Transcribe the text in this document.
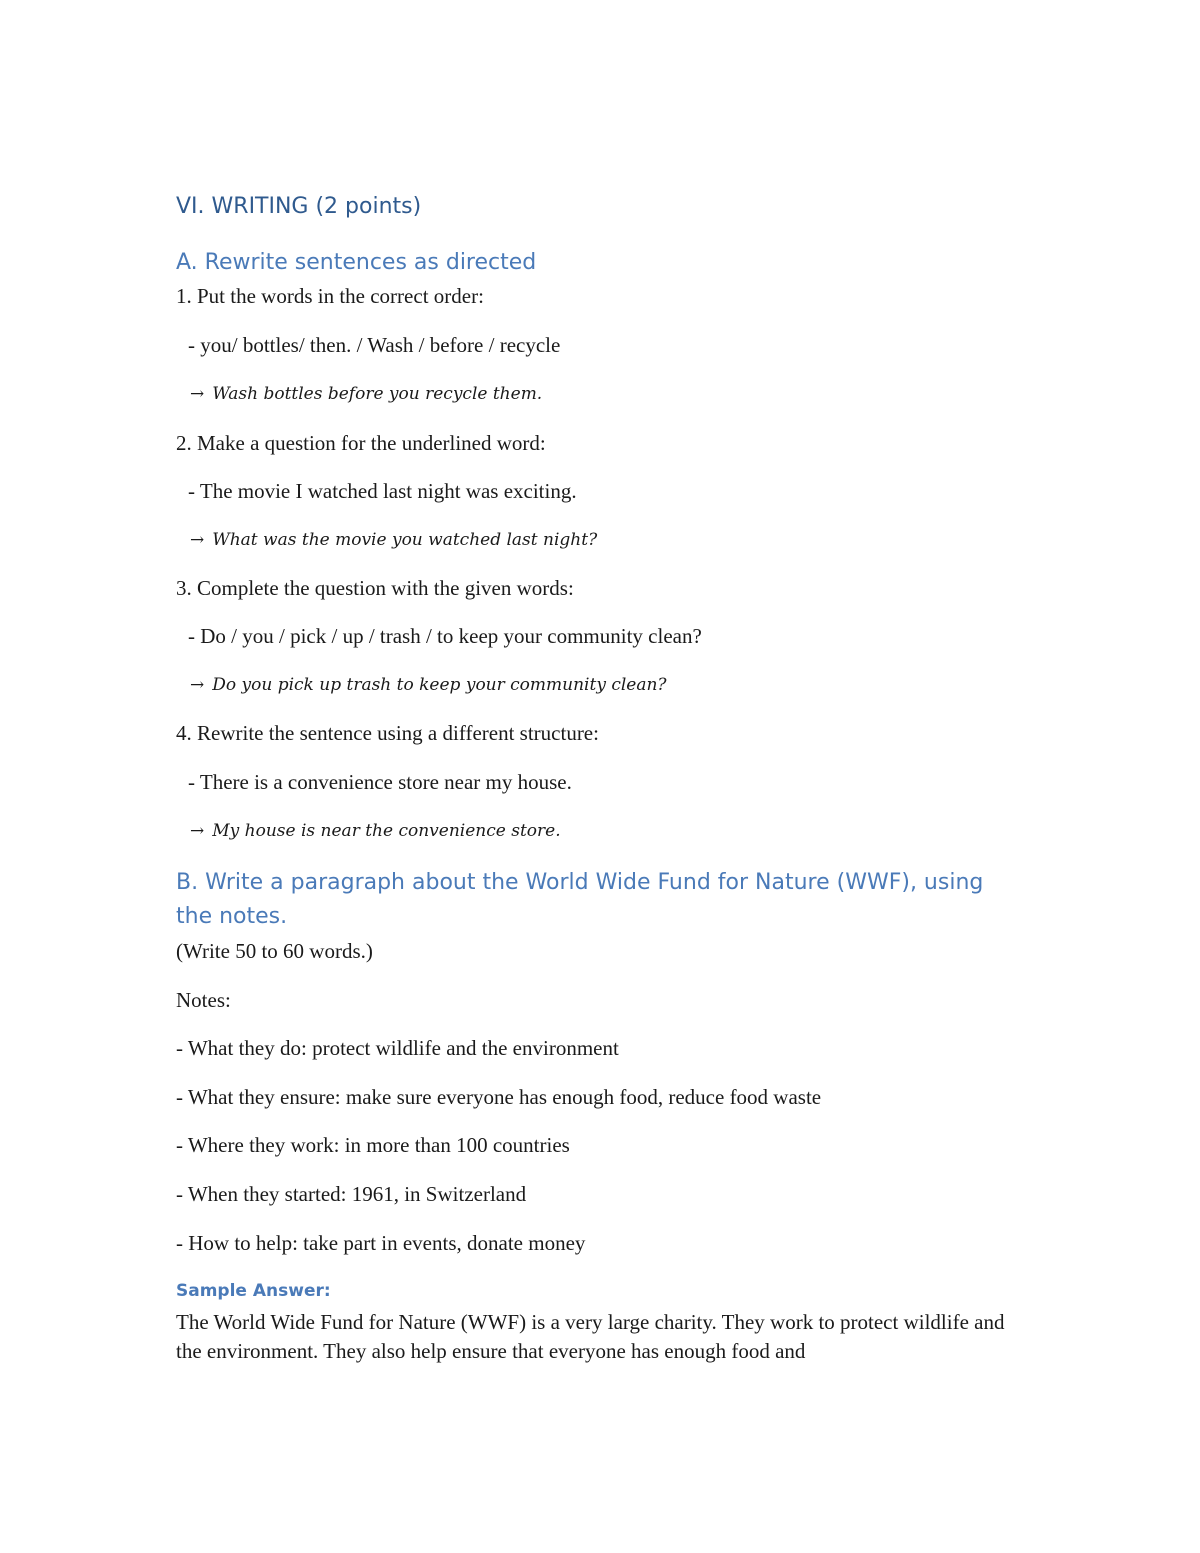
VI. WRITING (2 points)
A. Rewrite sentences as directed
1. Put the words in the correct order:
- you/ bottles/ then. / Wash / before / recycle
→ Wash bottles before you recycle them.
2. Make a question for the underlined word:
- The movie I watched last night was exciting.
→ What was the movie you watched last night?
3. Complete the question with the given words:
- Do / you / pick / up / trash / to keep your community clean?
→ Do you pick up trash to keep your community clean?
4. Rewrite the sentence using a different structure:
- There is a convenience store near my house.
→ My house is near the convenience store.
B. Write a paragraph about the World Wide Fund for Nature (WWF), using the notes.
(Write 50 to 60 words.)
Notes:
- What they do: protect wildlife and the environment
- What they ensure: make sure everyone has enough food, reduce food waste
- Where they work: in more than 100 countries
- When they started: 1961, in Switzerland
- How to help: take part in events, donate money
Sample Answer:
The World Wide Fund for Nature (WWF) is a very large charity. They work to protect wildlife and the environment. They also help ensure that everyone has enough food and
